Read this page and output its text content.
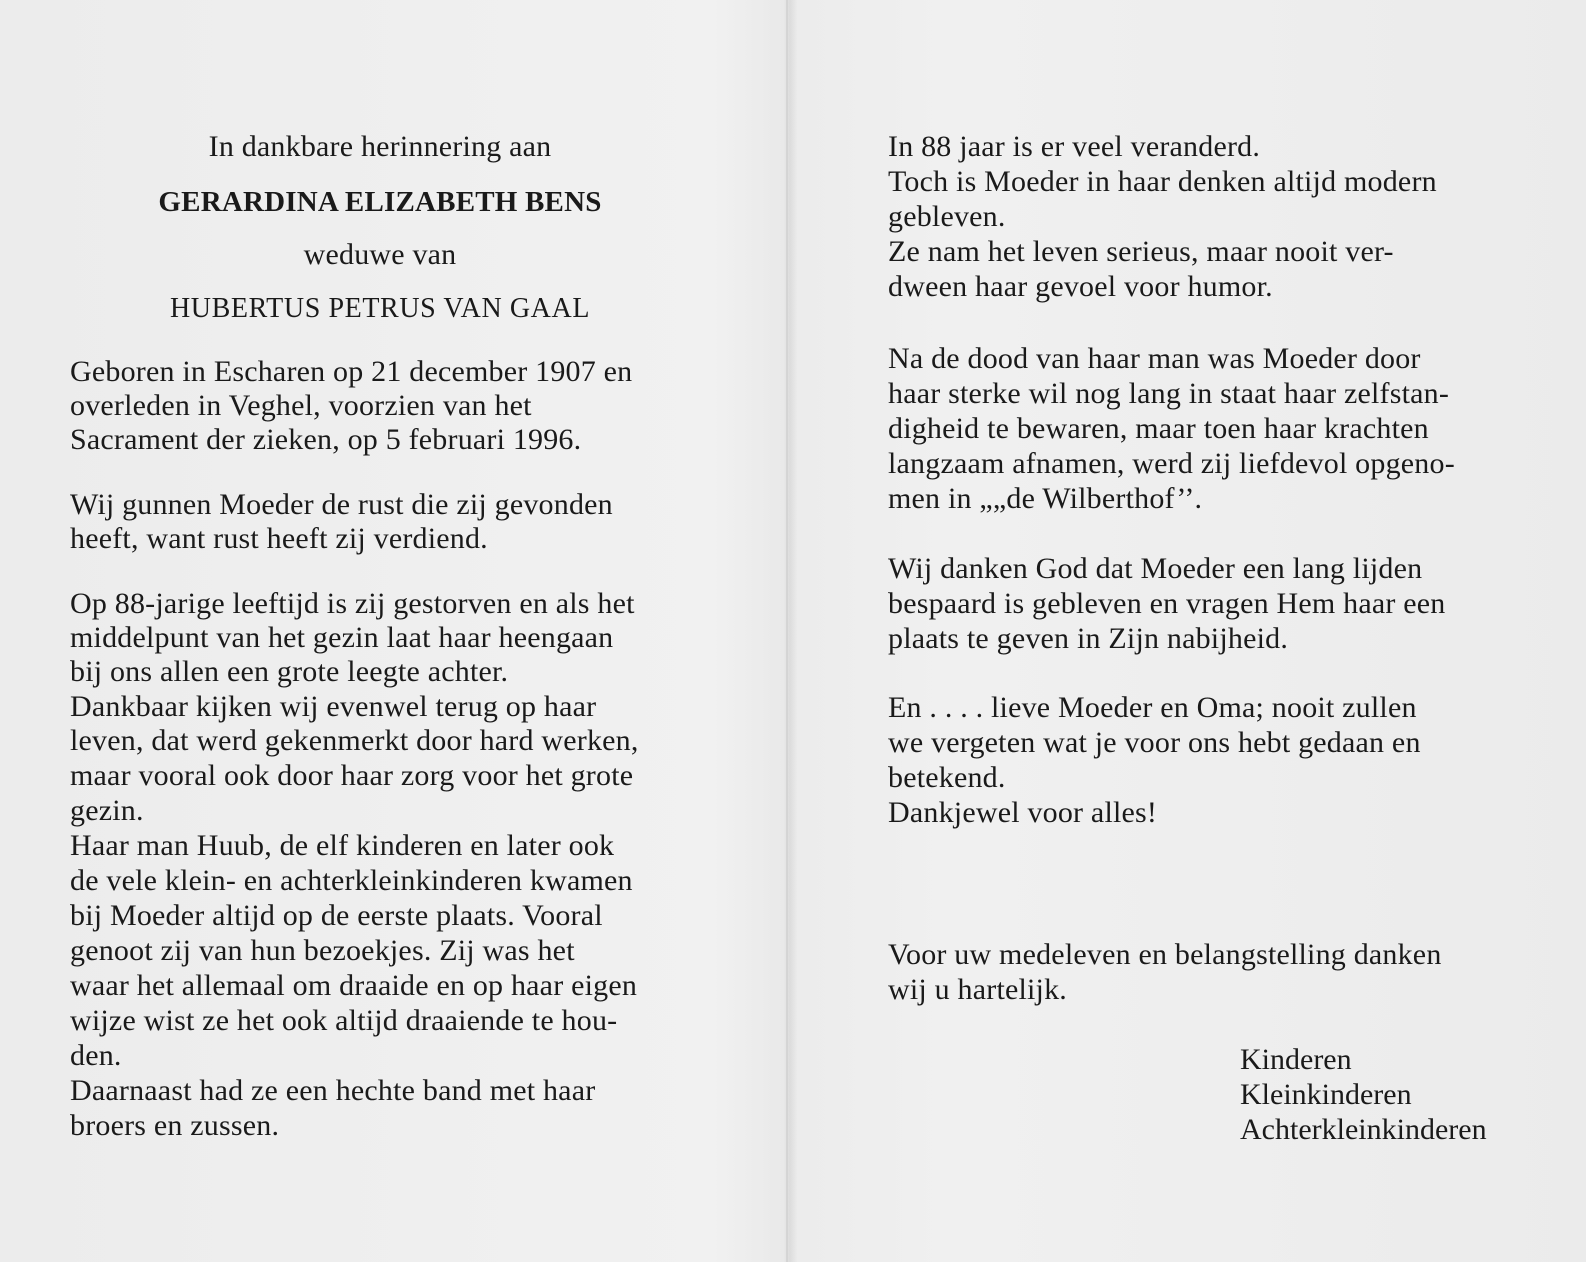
In dankbare herinnering aan
GERARDINA ELIZABETH BENS
weduwe van
HUBERTUS PETRUS VAN GAAL
Geboren in Escharen op 21 december 1907 en
overleden in Veghel, voorzien van het
Sacrament der zieken, op 5 februari 1996.
Wij gunnen Moeder de rust die zij gevonden
heeft, want rust heeft zij verdiend.
Op 88-jarige leeftijd is zij gestorven en als het
middelpunt van het gezin laat haar heengaan
bij ons allen een grote leegte achter.
Dankbaar kijken wij evenwel terug op haar
leven, dat werd gekenmerkt door hard werken,
maar vooral ook door haar zorg voor het grote
gezin.
Haar man Huub, de elf kinderen en later ook
de vele klein- en achterkleinkinderen kwamen
bij Moeder altijd op de eerste plaats. Vooral
genoot zij van hun bezoekjes. Zij was het
waar het allemaal om draaide en op haar eigen
wijze wist ze het ook altijd draaiende te hou-
den.
Daarnaast had ze een hechte band met haar
broers en zussen.
In 88 jaar is er veel veranderd.
Toch is Moeder in haar denken altijd modern
gebleven.
Ze nam het leven serieus, maar nooit ver-
dween haar gevoel voor humor.
Na de dood van haar man was Moeder door
haar sterke wil nog lang in staat haar zelfstan-
digheid te bewaren, maar toen haar krachten
langzaam afnamen, werd zij liefdevol opgeno-
men in „„de Wilberthof’’.
Wij danken God dat Moeder een lang lijden
bespaard is gebleven en vragen Hem haar een
plaats te geven in Zijn nabijheid.
En . . . . lieve Moeder en Oma; nooit zullen
we vergeten wat je voor ons hebt gedaan en
betekend.
Dankjewel voor alles!
Voor uw medeleven en belangstelling danken
wij u hartelijk.
Kinderen
Kleinkinderen
Achterkleinkinderen
